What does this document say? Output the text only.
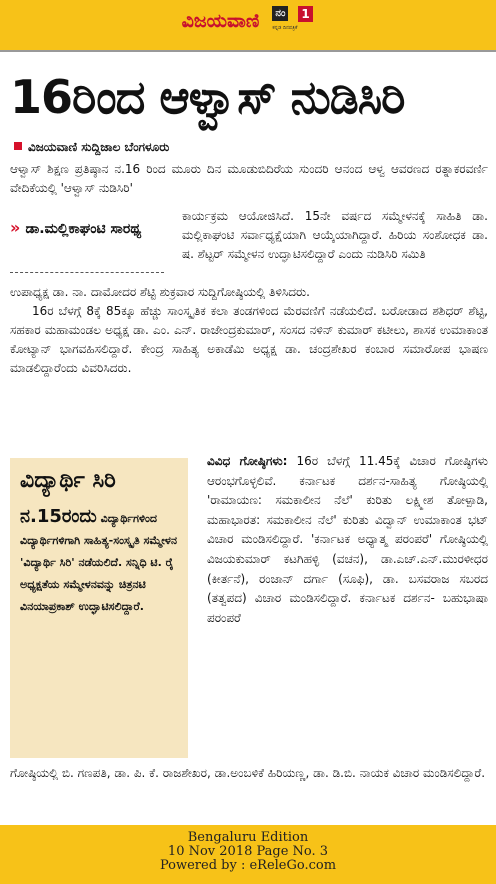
ವಿಜಯವಾಣಿ	ನಂ 1
ಕನ್ನಡ ದಿನಪತ್ರಿಕೆ
16ರಿಂದ ಆಳ್ವಾಸ್ ನುಡಿಸಿರಿ
ವಿಜಯವಾಣಿ ಸುದ್ದಿಜಾಲ ಬೆಂಗಳೂರು
ಆಳ್ವಾಸ್ ಶಿಕ್ಷಣ ಪ್ರತಿಷ್ಠಾನ ನ.16 ರಿಂದ ಮೂರು ದಿನ ಮೂಡುಬಿದಿರೆಯ ಸುಂದರಿ ಆನಂದ ಆಳ್ವ ಆವರಣದ ರತ್ನಾಕರವರ್ಣಿ ವೇದಿಕೆಯಲ್ಲಿ 'ಆಳ್ವಾಸ್ ನುಡಿಸಿರಿ'
» ಡಾ.ಮಲ್ಲಿಕಾಘಂಟಿ ಸಾರಥ್ಯ
ಕಾರ್ಯಕ್ರಮ ಆಯೋಜಿಸಿದೆ. 15ನೇ ವರ್ಷದ ಸಮ್ಮೇಳನಕ್ಕೆ ಸಾಹಿತಿ ಡಾ. ಮಲ್ಲಿಕಾಘಂಟಿ ಸರ್ವಾಧ್ಯಕ್ಷೆಯಾಗಿ ಆಯ್ಕೆಯಾಗಿದ್ದಾರೆ. ಹಿರಿಯ ಸಂಶೋಧಕ ಡಾ. ಷ. ಶೆಟ್ಟರ್ ಸಮ್ಮೇಳನ ಉದ್ಘಾಟಿಸಲಿದ್ದಾರೆ ಎಂದು ನುಡಿಸಿರಿ ಸಮಿತಿ
ಉಪಾಧ್ಯಕ್ಷ ಡಾ. ನಾ. ದಾಮೋದರ ಶೆಟ್ಟಿ ಶುಕ್ರವಾರ ಸುದ್ದಿಗೋಷ್ಠಿಯಲ್ಲಿ ತಿಳಿಸಿದರು.
16ರ ಬೆಳಗ್ಗೆ 8ಕ್ಕೆ 85ಕ್ಕೂ ಹೆಚ್ಚು ಸಾಂಸ್ಕೃತಿಕ ಕಲಾ ತಂಡಗಳಿಂದ ಮೆರವಣಿಗೆ ನಡೆಯಲಿದೆ. ಬರೋಡಾದ ಶಶಿಧರ್ ಶೆಟ್ಟಿ, ಸಹಕಾರ ಮಹಾಮಂಡಲ ಅಧ್ಯಕ್ಷ ಡಾ. ಎಂ. ಎನ್. ರಾಜೇಂದ್ರಕುಮಾರ್, ಸಂಸದ ನಳಿನ್ ಕುಮಾರ್ ಕಟೀಲು, ಶಾಸಕ ಉಮಾಕಾಂತ ಕೋಟ್ಯಾನ್ ಭಾಗವಹಿಸಲಿದ್ದಾರೆ. ಕೇಂದ್ರ ಸಾಹಿತ್ಯ ಅಕಾಡೆಮಿ ಅಧ್ಯಕ್ಷ ಡಾ. ಚಂದ್ರಶೇಖರ ಕಂಬಾರ ಸಮಾರೋಪ ಭಾಷಣ ಮಾಡಲಿದ್ದಾರೆಂದು ವಿವರಿಸಿದರು.
ವಿದ್ಯಾರ್ಥಿ ಸಿರಿ
ನ.15ರಂದು ವಿದ್ಯಾರ್ಥಿಗಳಿಂದ ವಿದ್ಯಾರ್ಥಿಗಳಿಗಾಗಿ ಸಾಹಿತ್ಯ-ಸಂಸ್ಕೃತಿ ಸಮ್ಮೇಳನ 'ವಿದ್ಯಾರ್ಥಿ ಸಿರಿ' ನಡೆಯಲಿದೆ. ಸನ್ನಿಧಿ ಟಿ. ರೈ ಅಧ್ಯಕ್ಷತೆಯ ಸಮ್ಮೇಳನವನ್ನು ಚಿತ್ರನಟಿ ವಿನಯಾಪ್ರಕಾಶ್ ಉದ್ಘಾಟಿಸಲಿದ್ದಾರೆ.
ವಿವಿಧ ಗೋಷ್ಠಿಗಳು: 16ರ ಬೆಳಗ್ಗೆ 11.45ಕ್ಕೆ ವಿಚಾರ ಗೋಷ್ಠಿಗಳು ಆರಂಭಗೊಳ್ಳಲಿವೆ. ಕರ್ನಾಟಕ ದರ್ಶನ-ಸಾಹಿತ್ಯ ಗೋಷ್ಠಿಯಲ್ಲಿ 'ರಾಮಾಯಣ: ಸಮಕಾಲೀನ ನೆಲೆ' ಕುರಿತು ಲಕ್ಷ್ಮೀಶ ತೋಳ್ಪಾಡಿ, ಮಹಾಭಾರತ: ಸಮಕಾಲೀನ ನೆಲೆ' ಕುರಿತು ವಿದ್ವಾನ್ ಉಮಾಕಾಂತ ಭಟ್ ವಿಚಾರ ಮಂಡಿಸಲಿದ್ದಾರೆ. 'ಕರ್ನಾಟಕ ಅಧ್ಯಾತ್ಮ ಪರಂಪರೆ' ಗೋಷ್ಠಿಯಲ್ಲಿ ವಿಜಯಕುಮಾರ್ ಕಟಗಿಹಳ್ಳಿ (ವಚನ), ಡಾ.ಎಚ್.ಎನ್.ಮುರಳೀಧರ (ಕೀರ್ತನೆ), ರಂಜಾನ್ ದರ್ಗಾ (ಸೂಫಿ), ಡಾ. ಬಸವರಾಜ ಸಬರದ (ತತ್ವಪದ) ವಿಚಾರ ಮಂಡಿಸಲಿದ್ದಾರೆ. ಕರ್ನಾಟಕ ದರ್ಶನ- ಬಹುಭಾಷಾ ಪರಂಪರೆ
ಗೋಷ್ಠಿಯಲ್ಲಿ ಬಿ. ಗಣಪತಿ, ಡಾ. ಪಿ. ಕೆ. ರಾಜಶೇಖರ, ಡಾ.ಅಂಬಳಿಕೆ ಹಿರಿಯಣ್ಣ, ಡಾ. ಡಿ.ಬಿ. ನಾಯಕ ವಿಚಾರ ಮಂಡಿಸಲಿದ್ದಾರೆ.
Bengaluru Edition
10 Nov 2018 Page No. 3
Powered by : eReleGo.com
